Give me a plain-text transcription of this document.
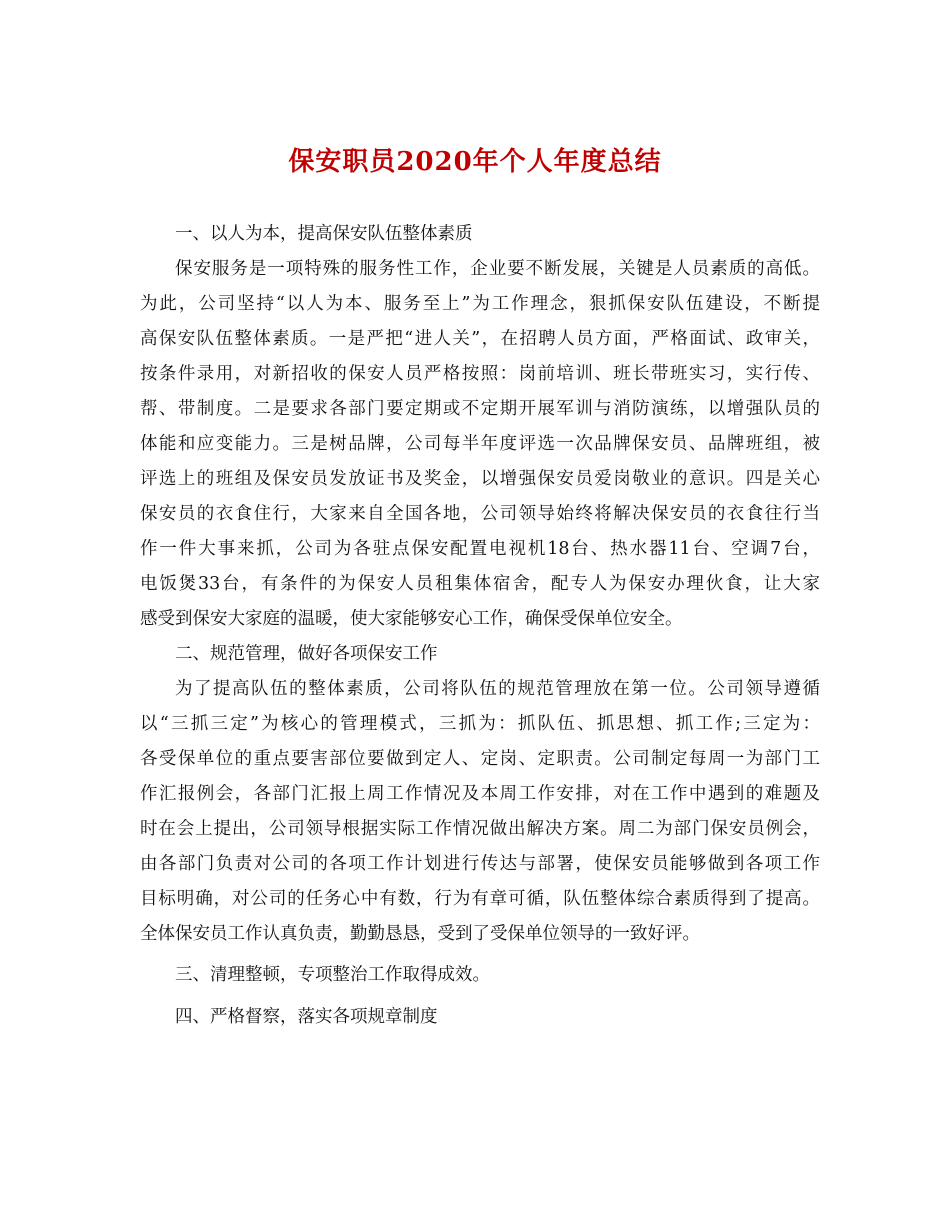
保安职员2020年个人年度总结
一、以人为本，提高保安队伍整体素质
保安服务是一项特殊的服务性工作，企业要不断发展，关键是人员素质的高低。
为此，公司坚持“以人为本、服务至上”为工作理念，狠抓保安队伍建设，不断提
高保安队伍整体素质。一是严把“进人关”，在招聘人员方面，严格面试、政审关，
按条件录用，对新招收的保安人员严格按照：岗前培训、班长带班实习，实行传、
帮、带制度。二是要求各部门要定期或不定期开展军训与消防演练，以增强队员的
体能和应变能力。三是树品牌，公司每半年度评选一次品牌保安员、品牌班组，被
评选上的班组及保安员发放证书及奖金，以增强保安员爱岗敬业的意识。四是关心
保安员的衣食住行，大家来自全国各地，公司领导始终将解决保安员的衣食往行当
作一件大事来抓，公司为各驻点保安配置电视机18台、热水器11台、空调7台，
电饭煲33台，有条件的为保安人员租集体宿舍，配专人为保安办理伙食，让大家
感受到保安大家庭的温暖，使大家能够安心工作，确保受保单位安全。
二、规范管理，做好各项保安工作
为了提高队伍的整体素质，公司将队伍的规范管理放在第一位。公司领导遵循
以“三抓三定”为核心的管理模式，三抓为：抓队伍、抓思想、抓工作;三定为：
各受保单位的重点要害部位要做到定人、定岗、定职责。公司制定每周一为部门工
作汇报例会，各部门汇报上周工作情况及本周工作安排，对在工作中遇到的难题及
时在会上提出，公司领导根据实际工作情况做出解决方案。周二为部门保安员例会，
由各部门负责对公司的各项工作计划进行传达与部署，使保安员能够做到各项工作
目标明确，对公司的任务心中有数，行为有章可循，队伍整体综合素质得到了提高。
全体保安员工作认真负责，勤勤恳恳，受到了受保单位领导的一致好评。
三、清理整顿，专项整治工作取得成效。
四、严格督察，落实各项规章制度
